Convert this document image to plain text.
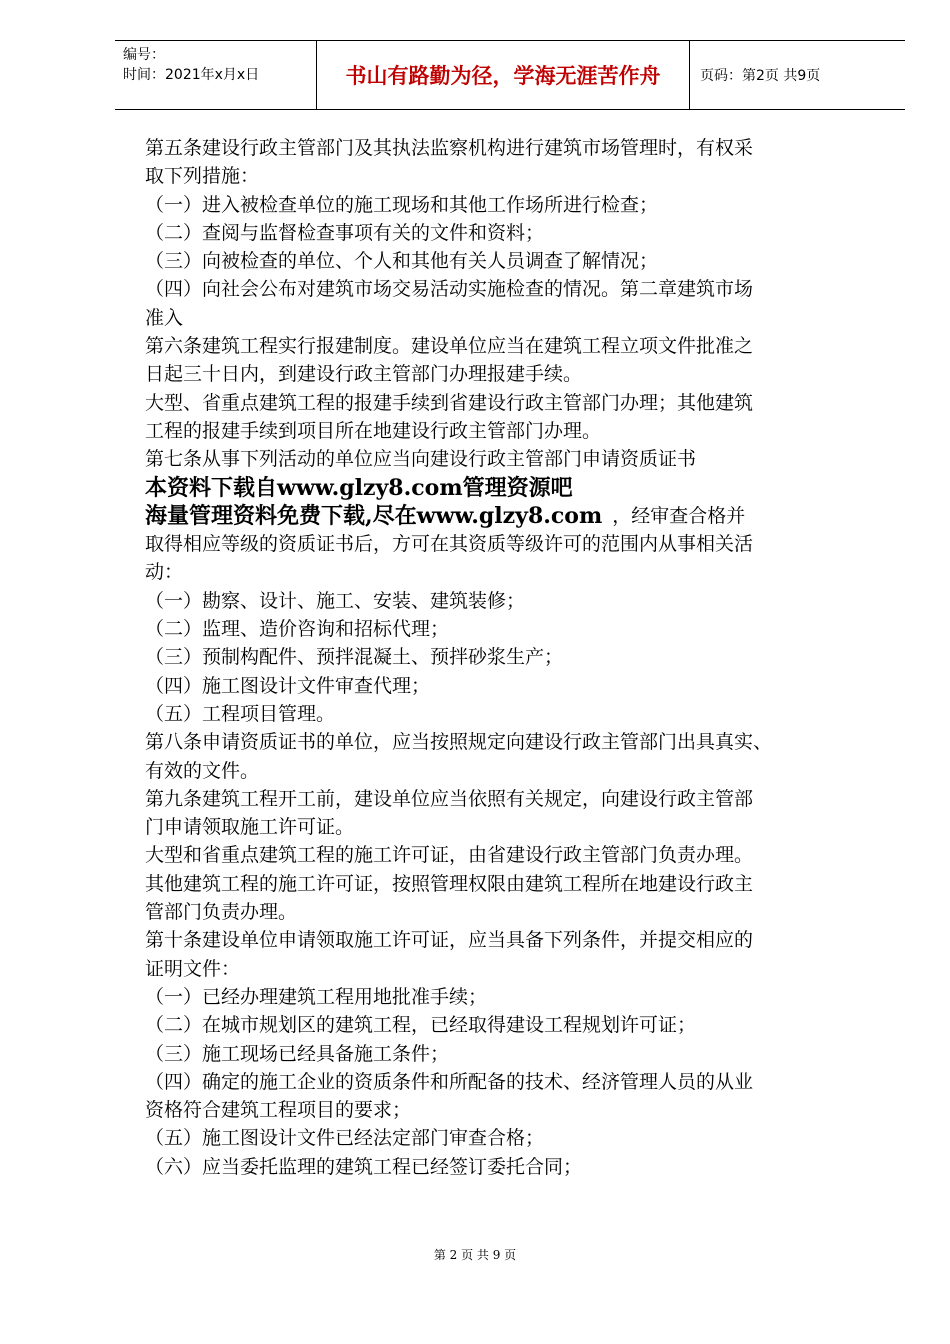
编号：
时间：2021年x月x日	书山有路勤为径，学海无涯苦作舟	页码：第2页 共9页
第五条建设行政主管部门及其执法监察机构进行建筑市场管理时，有权采
取下列措施：
（一）进入被检查单位的施工现场和其他工作场所进行检查；
（二）查阅与监督检查事项有关的文件和资料；
（三）向被检查的单位、个人和其他有关人员调查了解情况；
（四）向社会公布对建筑市场交易活动实施检查的情况。第二章建筑市场
准入
第六条建筑工程实行报建制度。建设单位应当在建筑工程立项文件批准之
日起三十日内，到建设行政主管部门办理报建手续。
大型、省重点建筑工程的报建手续到省建设行政主管部门办理；其他建筑
工程的报建手续到项目所在地建设行政主管部门办理。
第七条从事下列活动的单位应当向建设行政主管部门申请资质证书
本资料下载自www.glzy8.com管理资源吧
海量管理资料免费下载,尽在www.glzy8.com ，经审查合格并
取得相应等级的资质证书后，方可在其资质等级许可的范围内从事相关活
动：
（一）勘察、设计、施工、安装、建筑装修；
（二）监理、造价咨询和招标代理；
（三）预制构配件、预拌混凝土、预拌砂浆生产；
（四）施工图设计文件审查代理；
（五）工程项目管理。
第八条申请资质证书的单位，应当按照规定向建设行政主管部门出具真实、
有效的文件。
第九条建筑工程开工前，建设单位应当依照有关规定，向建设行政主管部
门申请领取施工许可证。
大型和省重点建筑工程的施工许可证，由省建设行政主管部门负责办理。
其他建筑工程的施工许可证，按照管理权限由建筑工程所在地建设行政主
管部门负责办理。
第十条建设单位申请领取施工许可证，应当具备下列条件，并提交相应的
证明文件：
（一）已经办理建筑工程用地批准手续；
（二）在城市规划区的建筑工程，已经取得建设工程规划许可证；
（三）施工现场已经具备施工条件；
（四）确定的施工企业的资质条件和所配备的技术、经济管理人员的从业
资格符合建筑工程项目的要求；
（五）施工图设计文件已经法定部门审查合格；
（六）应当委托监理的建筑工程已经签订委托合同；
第 2 页 共 9 页
